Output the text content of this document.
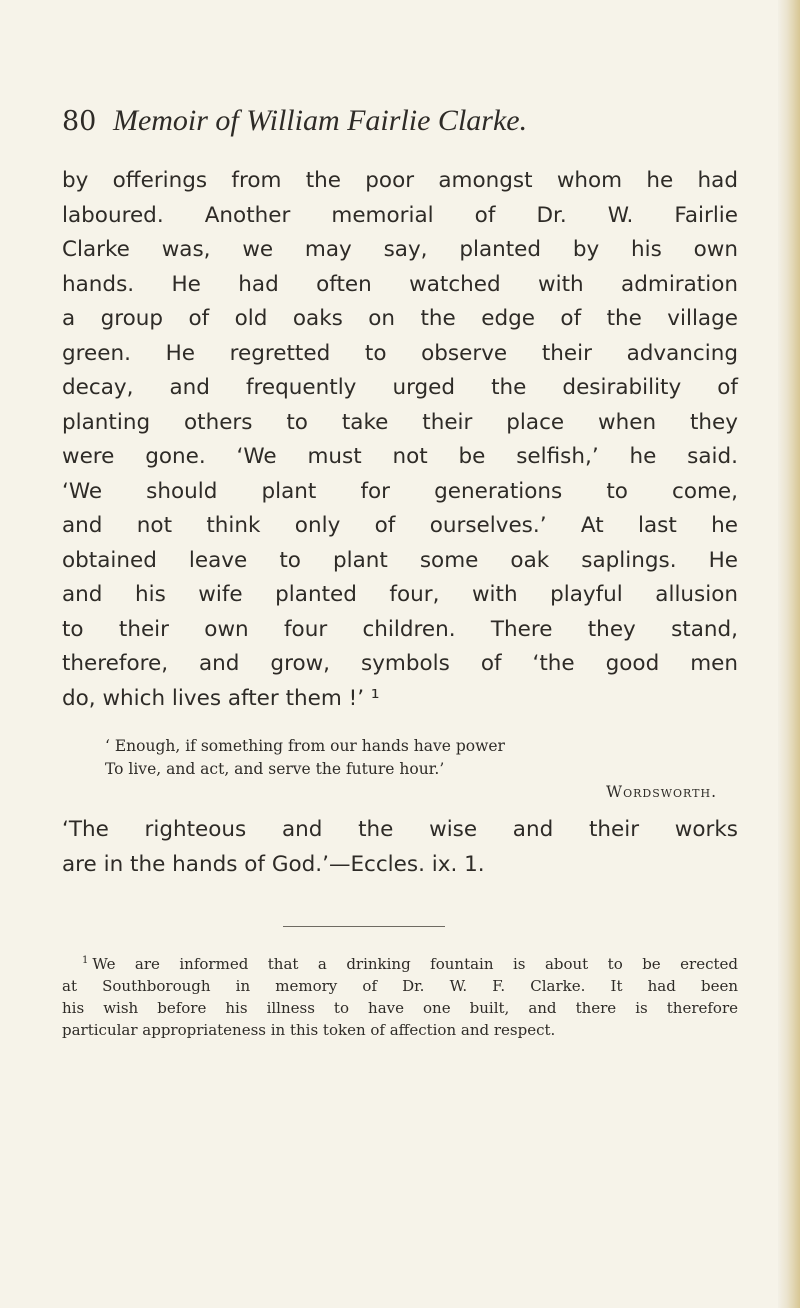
80 Memoir of William Fairlie Clarke.
by offerings from the poor amongst whom he had
laboured. Another memorial of Dr. W. Fairlie
Clarke was, we may say, planted by his own
hands. He had often watched with admiration
a group of old oaks on the edge of the village
green. He regretted to observe their advancing
decay, and frequently urged the desirability of
planting others to take their place when they
were gone. ‘We must not be selfish,’ he said.
‘We should plant for generations to come,
and not think only of ourselves.’ At last he
obtained leave to plant some oak saplings. He
and his wife planted four, with playful allusion
to their own four children. There they stand,
therefore, and grow, symbols of ‘the good men
do, which lives after them !’ ¹
‘ Enough, if something from our hands have power
To live, and act, and serve the future hour.’
Wordsworth.
‘The righteous and the wise and their works
are in the hands of God.’—Eccles. ix. 1.
$^1$ We are informed that a drinking fountain is about to be erected
at Southborough in memory of Dr. W. F. Clarke. It had been
his wish before his illness to have one built, and there is therefore
particular appropriateness in this token of affection and respect.
